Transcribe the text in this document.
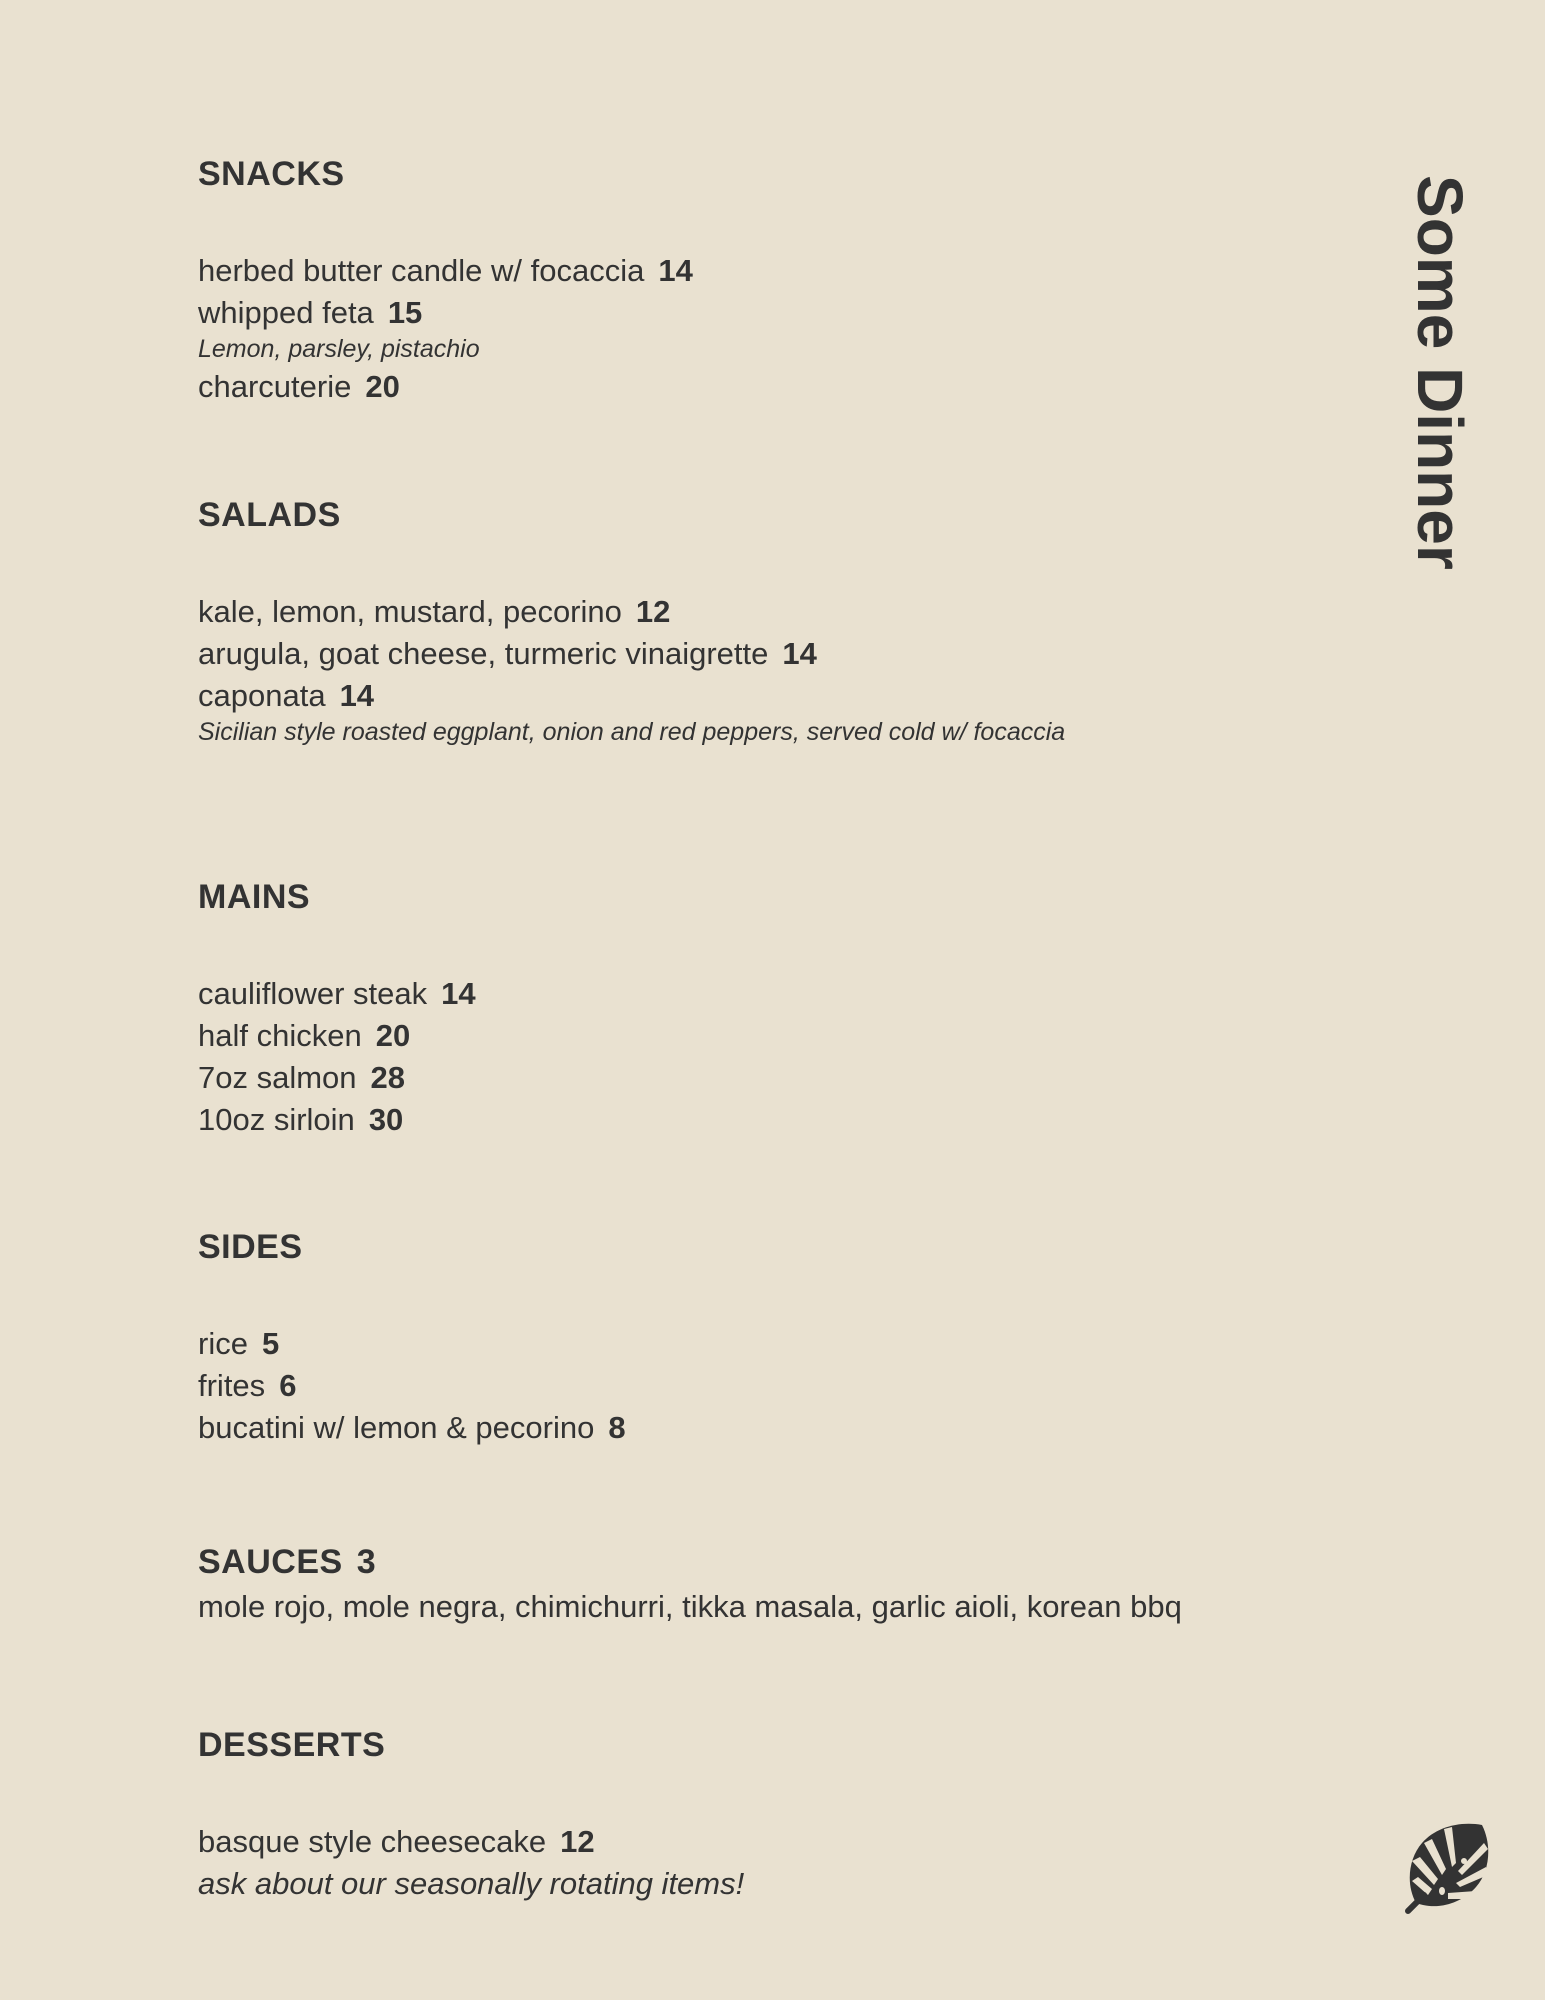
SNACKS
herbed butter candle w/ focaccia 14
whipped feta 15
Lemon, parsley, pistachio
charcuterie 20
SALADS
kale, lemon, mustard, pecorino 12
arugula, goat cheese, turmeric vinaigrette 14
caponata 14
Sicilian style roasted eggplant, onion and red peppers, served cold w/ focaccia
MAINS
cauliflower steak 14
half chicken 20
7oz salmon 28
10oz sirloin 30
SIDES
rice 5
frites 6
bucatini w/ lemon & pecorino 8
SAUCES 3
mole rojo, mole negra, chimichurri, tikka masala, garlic aioli, korean bbq
DESSERTS
basque style cheesecake 12
ask about our seasonally rotating items!
Some Dinner
